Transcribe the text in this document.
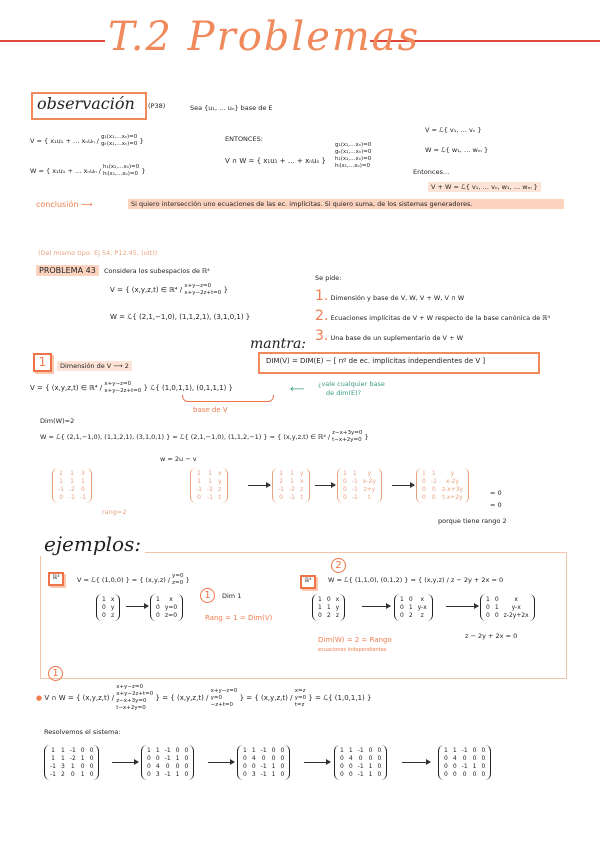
T.2 Problemas
observación (P38)	Sea {u₁, … uₙ} base de E
V = { x₁u₁ + … xₙuₙ / g₁(x₁,…xₙ)=0
gₖ(x₁,…xₙ)=0 }
W = { x₁u₁ + … xₙuₙ / h₁(x₁,…xₙ)=0
hₗ(x₁,…xₙ)=0 }
ENTONCES:
V ∩ W = { x₁u₁ + … + xₙuₙ }
g₁(x₁,…xₙ)=0
gₖ(x₁,…xₙ)=0
h₁(x₁,…xₙ)=0
hₗ(x₁,…xₙ)=0
V = ℒ{ v₁, … vₙ }
W = ℒ{ w₁, … wₘ }
Entonces…
V + W = ℒ{ v₁, … vₙ, w₁, … wₘ }
conclusión ⟶	Si quiero intersección uno ecuaciones de las ec. implícitas. Si quiero suma, de los sistemas generadores.
(Del mismo tipo: Ej 54, P12.45, (ult))
PROBLEMA 43	Considera los subespacios de ℝ⁴
V = { (x,y,z,t) ∈ ℝ⁴ / x+y−z=0
x+y−2z+t=0 }
W = ℒ{ (2,1,−1,0), (1,1,2,1), (3,1,0,1) }
Se pide:
1. Dimensión y base de V, W, V + W, V ∩ W
2. Ecuaciones implícitas de V + W respecto de la base canónica de ℝ⁴
3. Una base de un suplementario de V + W
mantra:
DIM(V) = DIM(E) − [ nº de ec. implícitas independientes de V ]
1	Dimensión de V ⟶ 2
V = { (x,y,z,t) ∈ ℝ⁴ / x+y−z=0
x+y−2z+t=0 } ℒ{ (1,0,1,1), (0,1,1,1) }
base de V
⟵ ¿vale cualquier base
de dim(E)?
Dim(W)=2
W = ℒ{ (2,1,−1,0), (1,1,2,1), (3,1,0,1) } = ℒ{ (2,1,−1,0), (1,1,2,−1) } = { (x,y,z,t) ∈ ℝ⁴ / z−x+3y=0
t−x+2y=0 }
w = 2u − v
2 1 3
1 1 1
-1 -2 0
0 -1 -1
rang=2
2 1 x
1 1 y
-1 -2 z
0 -1 t
1 1 y
2 1 x
-1 -2 z
0 -1 t
1 1	y
0 -1 x-2y
0 -1 z+y
0 -1	t
1 1	y
0 -1	x-2y
0 0 z-x+3y
0 0 t-x+2y
= 0
= 0
porque tiene rango 2
ejemplos:
ℝ³	V = ℒ{ (1,0,0) } = { (x,y,z) / y=0
z=0 }
1 x
0 y
0 z
1	x
0 y=0
0 z=0
1	Dim 1
Rang = 1 = Dim(V)
2
ℝ³	W = ℒ{ (1,1,0), (0,1,2) } = { (x,y,z) / z − 2y + 2x = 0
1 0 x
1 1 y
0 2 z
1 0	x
0 1 y-x
0 2	z
1 0	x
0 1	y-x
0 0 z-2y+2x
z − 2y + 2x = 0
Dim(W) = 2 = Rango
ecuaciones independientes
1
● V ∩ W = { (x,y,z,t) /
x+y−z=0
x+y−2z+t=0
z−x+3y=0
t−x+2y=0
} = { (x,y,z,t) /
x+y−z=0
y=0
−z+t=0
} = { (x,y,z,t) /
x=z
y=0
t=z
} = ℒ{ (1,0,1,1) }
Resolvemos el sistema:
1 1 -1 0 0
1 1 -2 1 0
-1 3 1 0 0
-1 2 0 1 0
1 1 -1 0 0
0 0 -1 1 0
0 4 0 0 0
0 3 -1 1 0
1 1 -1 0 0
0 4 0 0 0
0 0 -1 1 0
0 3 -1 1 0
1 1 -1 0 0
0 4 0 0 0
0 0 -1 1 0
0 0 -1 1 0
1 1 -1 0 0
0 4 0 0 0
0 0 -1 1 0
0 0 0 0 0
